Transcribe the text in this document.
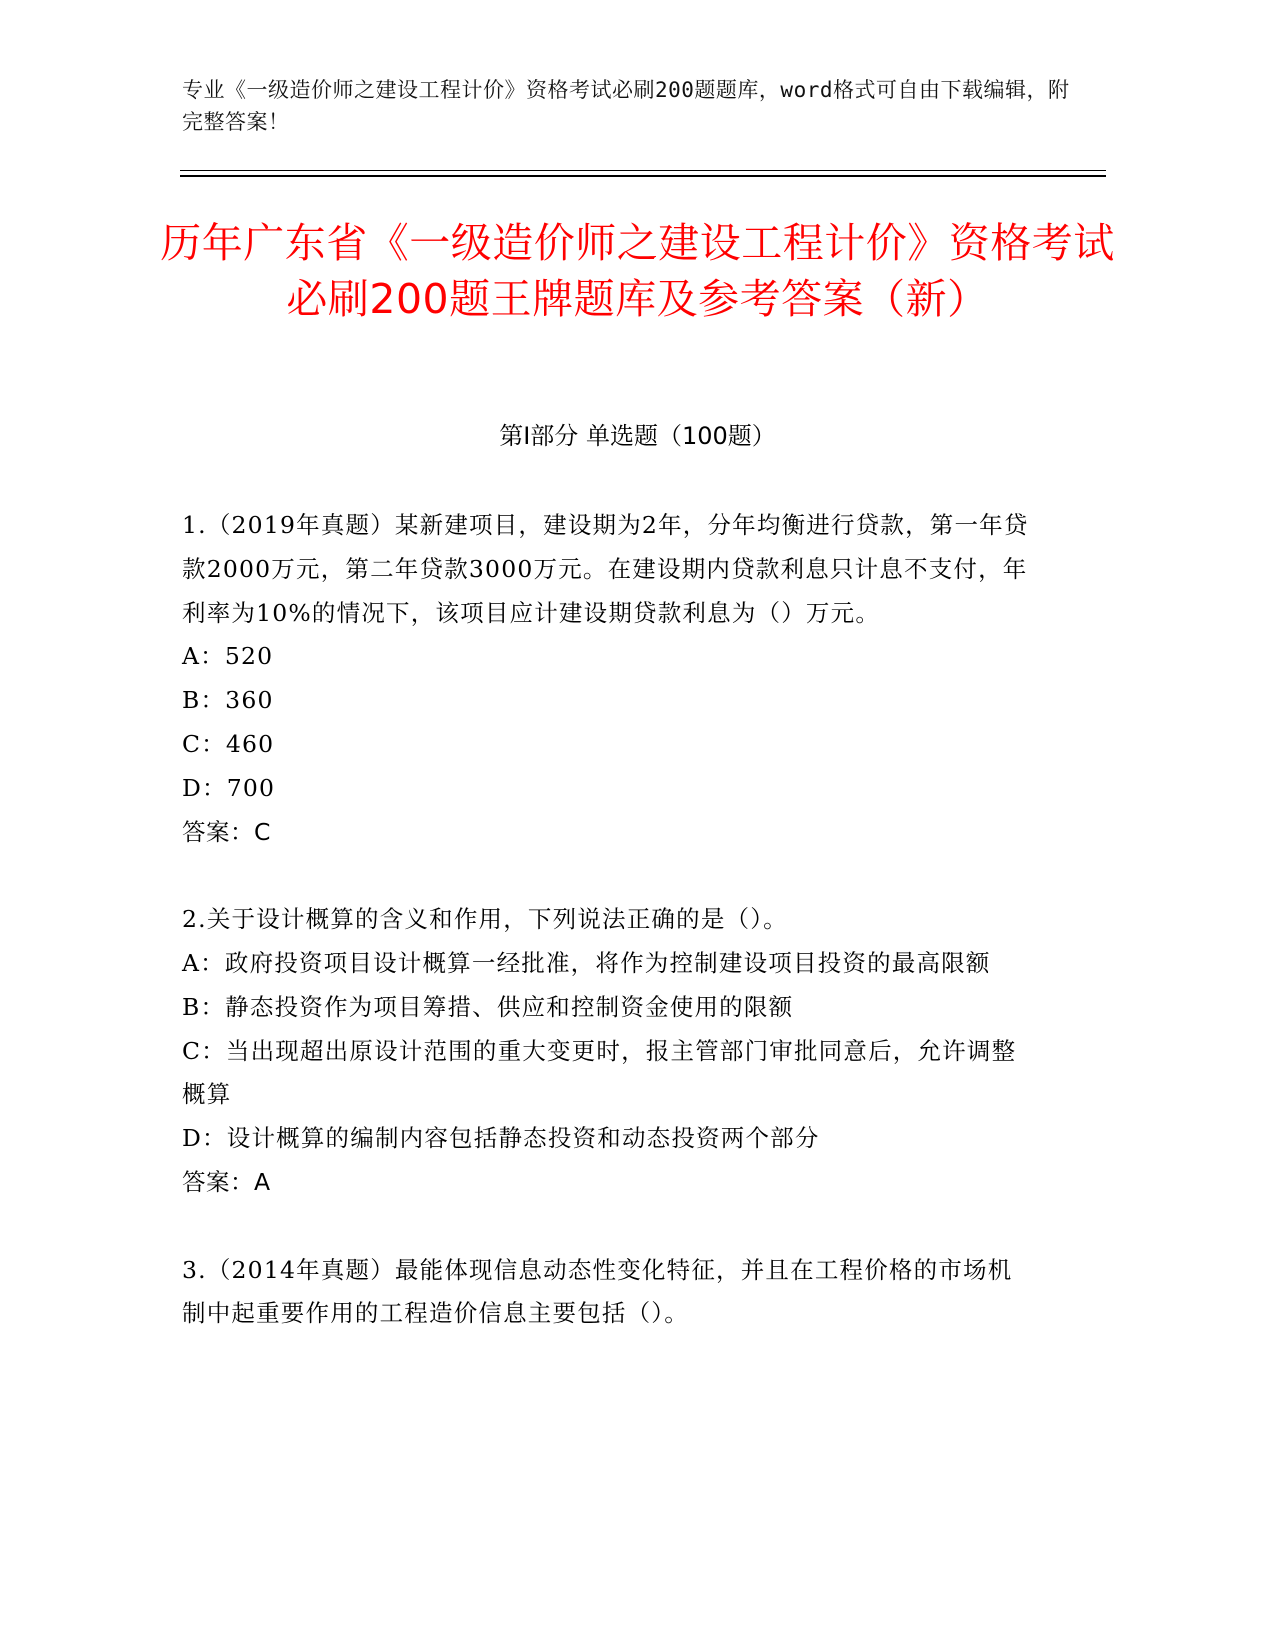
专业《一级造价师之建设工程计价》资格考试必刷200题题库，word格式可自由下载编辑，附完整答案！
历年广东省《一级造价师之建设工程计价》资格考试必刷200题王牌题库及参考答案（新）
第I部分 单选题（100题）

1.（2019年真题）某新建项目，建设期为2年，分年均衡进行贷款，第一年贷款2000万元，第二年贷款3000万元。在建设期内贷款利息只计息不支付，年利率为10%的情况下，该项目应计建设期贷款利息为（）万元。

A：520

B：360

C：460

D：700

答案：C

2.关于设计概算的含义和作用，下列说法正确的是（）。

A：政府投资项目设计概算一经批准，将作为控制建设项目投资的最高限额

B：静态投资作为项目筹措、供应和控制资金使用的限额

C：当出现超出原设计范围的重大变更时，报主管部门审批同意后，允许调整概算

D：设计概算的编制内容包括静态投资和动态投资两个部分

答案：A

3.（2014年真题）最能体现信息动态性变化特征，并且在工程价格的市场机制中起重要作用的工程造价信息主要包括（）。
